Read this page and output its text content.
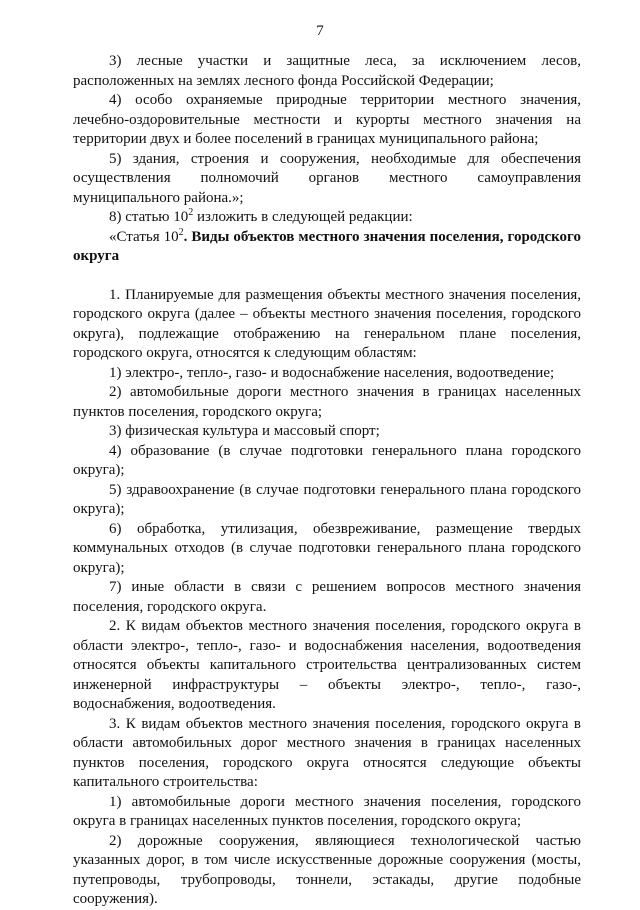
7

3) лесные участки и защитные леса, за исключением лесов, расположенных на землях лесного фонда Российской Федерации;

4) особо охраняемые природные территории местного значения, лечебно-оздоровительные местности и курорты местного значения на территории двух и более поселений в границах муниципального района;

5) здания, строения и сооружения, необходимые для обеспечения осуществления полномочий органов местного самоуправления муниципального района.»;

8) статью $10^2$ изложить в следующей редакции:

«Статья $10^2$. Виды объектов местного значения поселения, городского округа

1. Планируемые для размещения объекты местного значения поселения, городского округа (далее – объекты местного значения поселения, городского округа), подлежащие отображению на генеральном плане поселения, городского округа, относятся к следующим областям:

1) электро-, тепло-, газо- и водоснабжение населения, водоотведение;

2) автомобильные дороги местного значения в границах населенных пунктов поселения, городского округа;

3) физическая культура и массовый спорт;

4) образование (в случае подготовки генерального плана городского округа);

5) здравоохранение (в случае подготовки генерального плана городского округа);

6) обработка, утилизация, обезвреживание, размещение твердых коммунальных отходов (в случае подготовки генерального плана городского округа);

7) иные области в связи с решением вопросов местного значения поселения, городского округа.

2. К видам объектов местного значения поселения, городского округа в области электро-, тепло-, газо- и водоснабжения населения, водоотведения относятся объекты капитального строительства централизованных систем инженерной инфраструктуры – объекты электро-, тепло-, газо-, водоснабжения, водоотведения.

3. К видам объектов местного значения поселения, городского округа в области автомобильных дорог местного значения в границах населенных пунктов поселения, городского округа относятся следующие объекты капитального строительства:

1) автомобильные дороги местного значения поселения, городского округа в границах населенных пунктов поселения, городского округа;

2) дорожные сооружения, являющиеся технологической частью указанных дорог, в том числе искусственные дорожные сооружения (мосты, путепроводы, трубопроводы, тоннели, эстакады, другие подобные сооружения).
